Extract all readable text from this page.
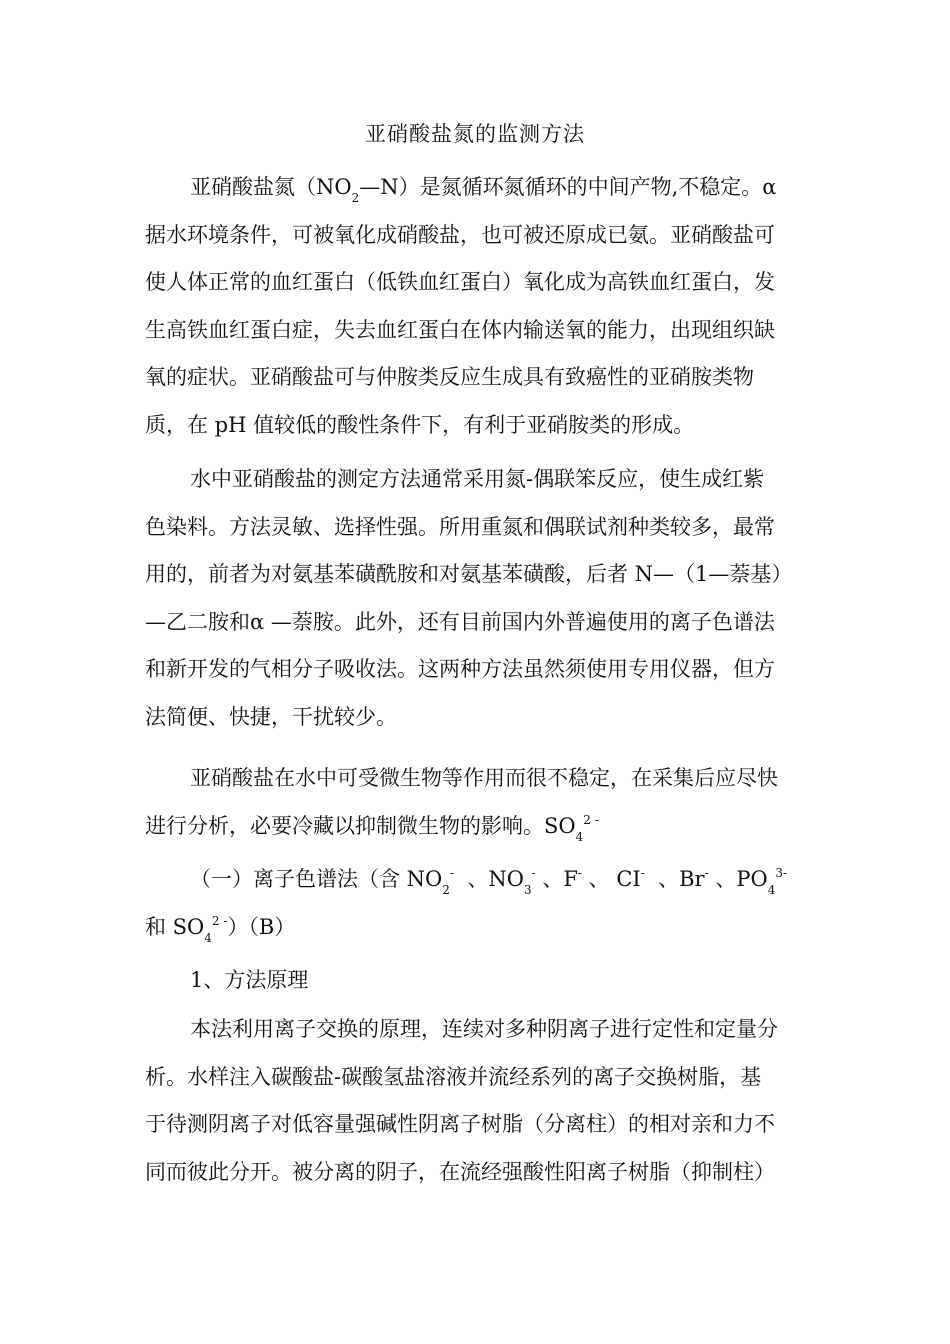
亚硝酸盐氮的监测方法
亚硝酸盐氮$(NO_2—N)$是氮循环氮循环的中间产物,不稳定。α
据水环境条件，可被氧化成硝酸盐，也可被还原成已氨。亚硝酸盐可
使人体正常的血红蛋白（低铁血红蛋白）氧化成为高铁血红蛋白，发
生高铁血红蛋白症，失去血红蛋白在体内输送氧的能力，出现组织缺
氧的症状。亚硝酸盐可与仲胺类反应生成具有致癌性的亚硝胺类物
质，在 pH 值较低的酸性条件下，有利于亚硝胺类的形成。
水中亚硝酸盐的测定方法通常采用氮-偶联笨反应，使生成红紫
色染料。方法灵敏、选择性强。所用重氮和偶联试剂种类较多，最常
用的，前者为对氨基苯磺酰胺和对氨基苯磺酸，后者 N—（1—萘基）
—乙二胺和α —萘胺。此外，还有目前国内外普遍使用的离子色谱法
和新开发的气相分子吸收法。这两种方法虽然须使用专用仪器，但方
法简便、快捷，干扰较少。
亚硝酸盐在水中可受微生物等作用而很不稳定，在采集后应尽快
进行分析，必要冷藏以抑制微生物的影响。$SO_4^{2 -}$
（一）离子色谱法（含 $NO_2^-$ 、$NO_3^-$ 、F- 、 CI- 、Br- 、$PO_4^{3-}$
和 $SO_4^{2 -})(B)$
1、方法原理
本法利用离子交换的原理，连续对多种阴离子进行定性和定量分
析。水样注入碳酸盐-碳酸氢盐溶液并流经系列的离子交换树脂，基
于待测阴离子对低容量强碱性阴离子树脂（分离柱）的相对亲和力不
同而彼此分开。被分离的阴子，在流经强酸性阳离子树脂（抑制柱）
